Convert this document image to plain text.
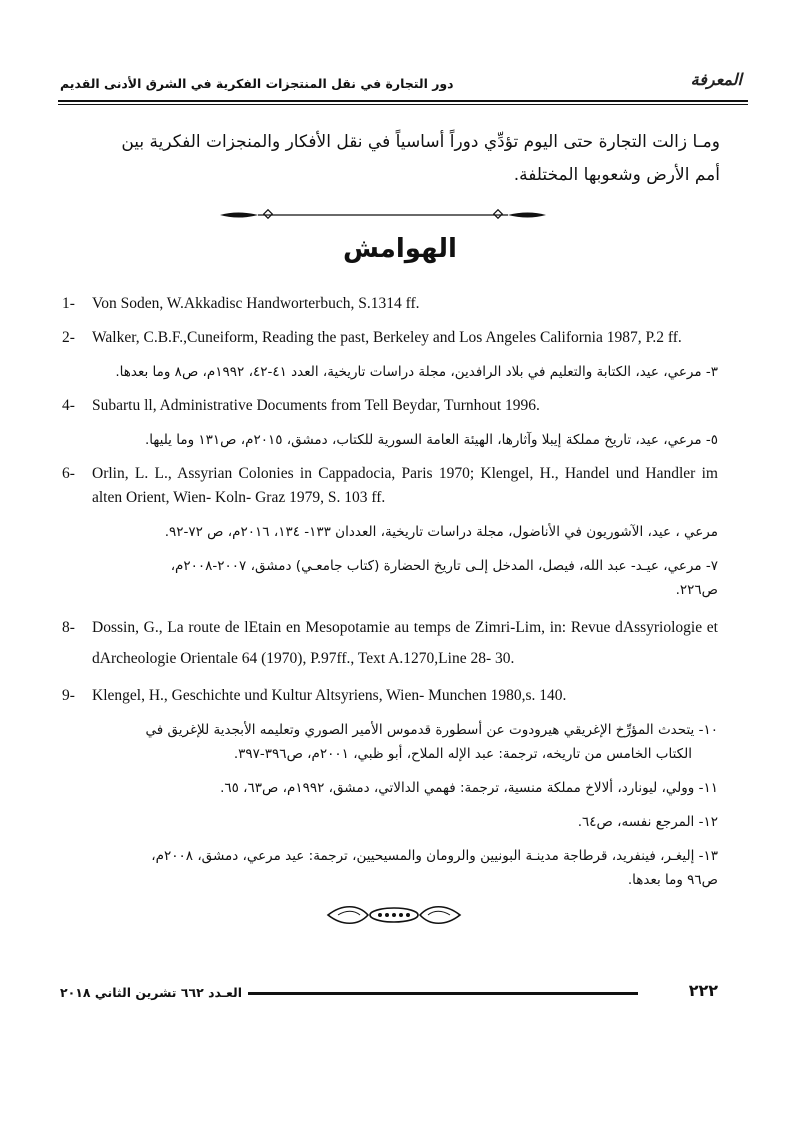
دور التجارة في نقل المنتجزات الفكرية في الشرق الأدنى القديم	المعرفة
ومـا زالت التجارة حتى اليوم تؤدِّي دوراً أساسياً في نقل الأفكار والمنجزات الفكرية بين
أمم الأرض وشعوبها المختلفة.
الهوامش
1- Von Soden, W.Akkadisc Handworterbuch, S.1314 ff.
2- Walker, C.B.F.,Cuneiform, Reading the past, Berkeley and Los Angeles California 1987, P.2 ff.
٣- مرعي، عيد، الكتابة والتعليم في بلاد الرافدين، مجلة دراسات تاريخية، العدد ٤١-٤٢، ١٩٩٢م، ص٨ وما بعدها.
4- Subartu ll, Administrative Documents from Tell Beydar, Turnhout 1996.
٥- مرعي، عيد، تاريخ مملكة إيبلا وآثارها، الهيئة العامة السورية للكتاب، دمشق، ٢٠١٥م، ص١٣١ وما يليها.
6- Orlin, L. L., Assyrian Colonies in Cappadocia, Paris 1970; Klengel, H., Handel und Handler im alten Orient, Wien- Koln- Graz 1979, S. 103 ff.
مرعي ، عيد، الآشوريون في الأناضول، مجلة دراسات تاريخية، العددان ١٣٣- ١٣٤، ٢٠١٦م، ص ٧٢-٩٢.
٧- مرعي، عيـد- عبد الله، فيصل، المدخل إلـى تاريخ الحضارة (كتاب جامعـي) دمشق، ٢٠٠٧-٢٠٠٨م،
ص٢٢٦.
8- Dossin, G., La route de lEtain en Mesopotamie au temps de Zimri-Lim, in: Revue dAssyriologie et dArcheologie Orientale 64 (1970), P.97ff., Text A.1270,Line 28- 30.
9- Klengel, H., Geschichte und Kultur Altsyriens, Wien- Munchen 1980,s. 140.
١٠- يتحدث المؤرِّخ الإغريقي هيرودوت عن أسطورة قدموس الأمير الصوري وتعليمه الأبجدية للإغريق في
الكتاب الخامس من تاريخه، ترجمة: عبد الإله الملاح، أبو ظبي، ٢٠٠١م، ص٣٩٦-٣٩٧.
١١- وولي، ليونارد، ألالاخ مملكة منسية، ترجمة: فهمي الدالاتي، دمشق، ١٩٩٢م، ص٦٣، ٦٥.
١٢- المرجع نفسه، ص٦٤.
١٣- إليغـر، فينفريد، قرطاجة مدينـة البونيين والرومان والمسيحيين، ترجمة: عيد مرعي، دمشق، ٢٠٠٨م،
ص٩٦ وما بعدها.
العـدد ٦٦٢ تشرين الثاني ٢٠١٨	٢٢٢
